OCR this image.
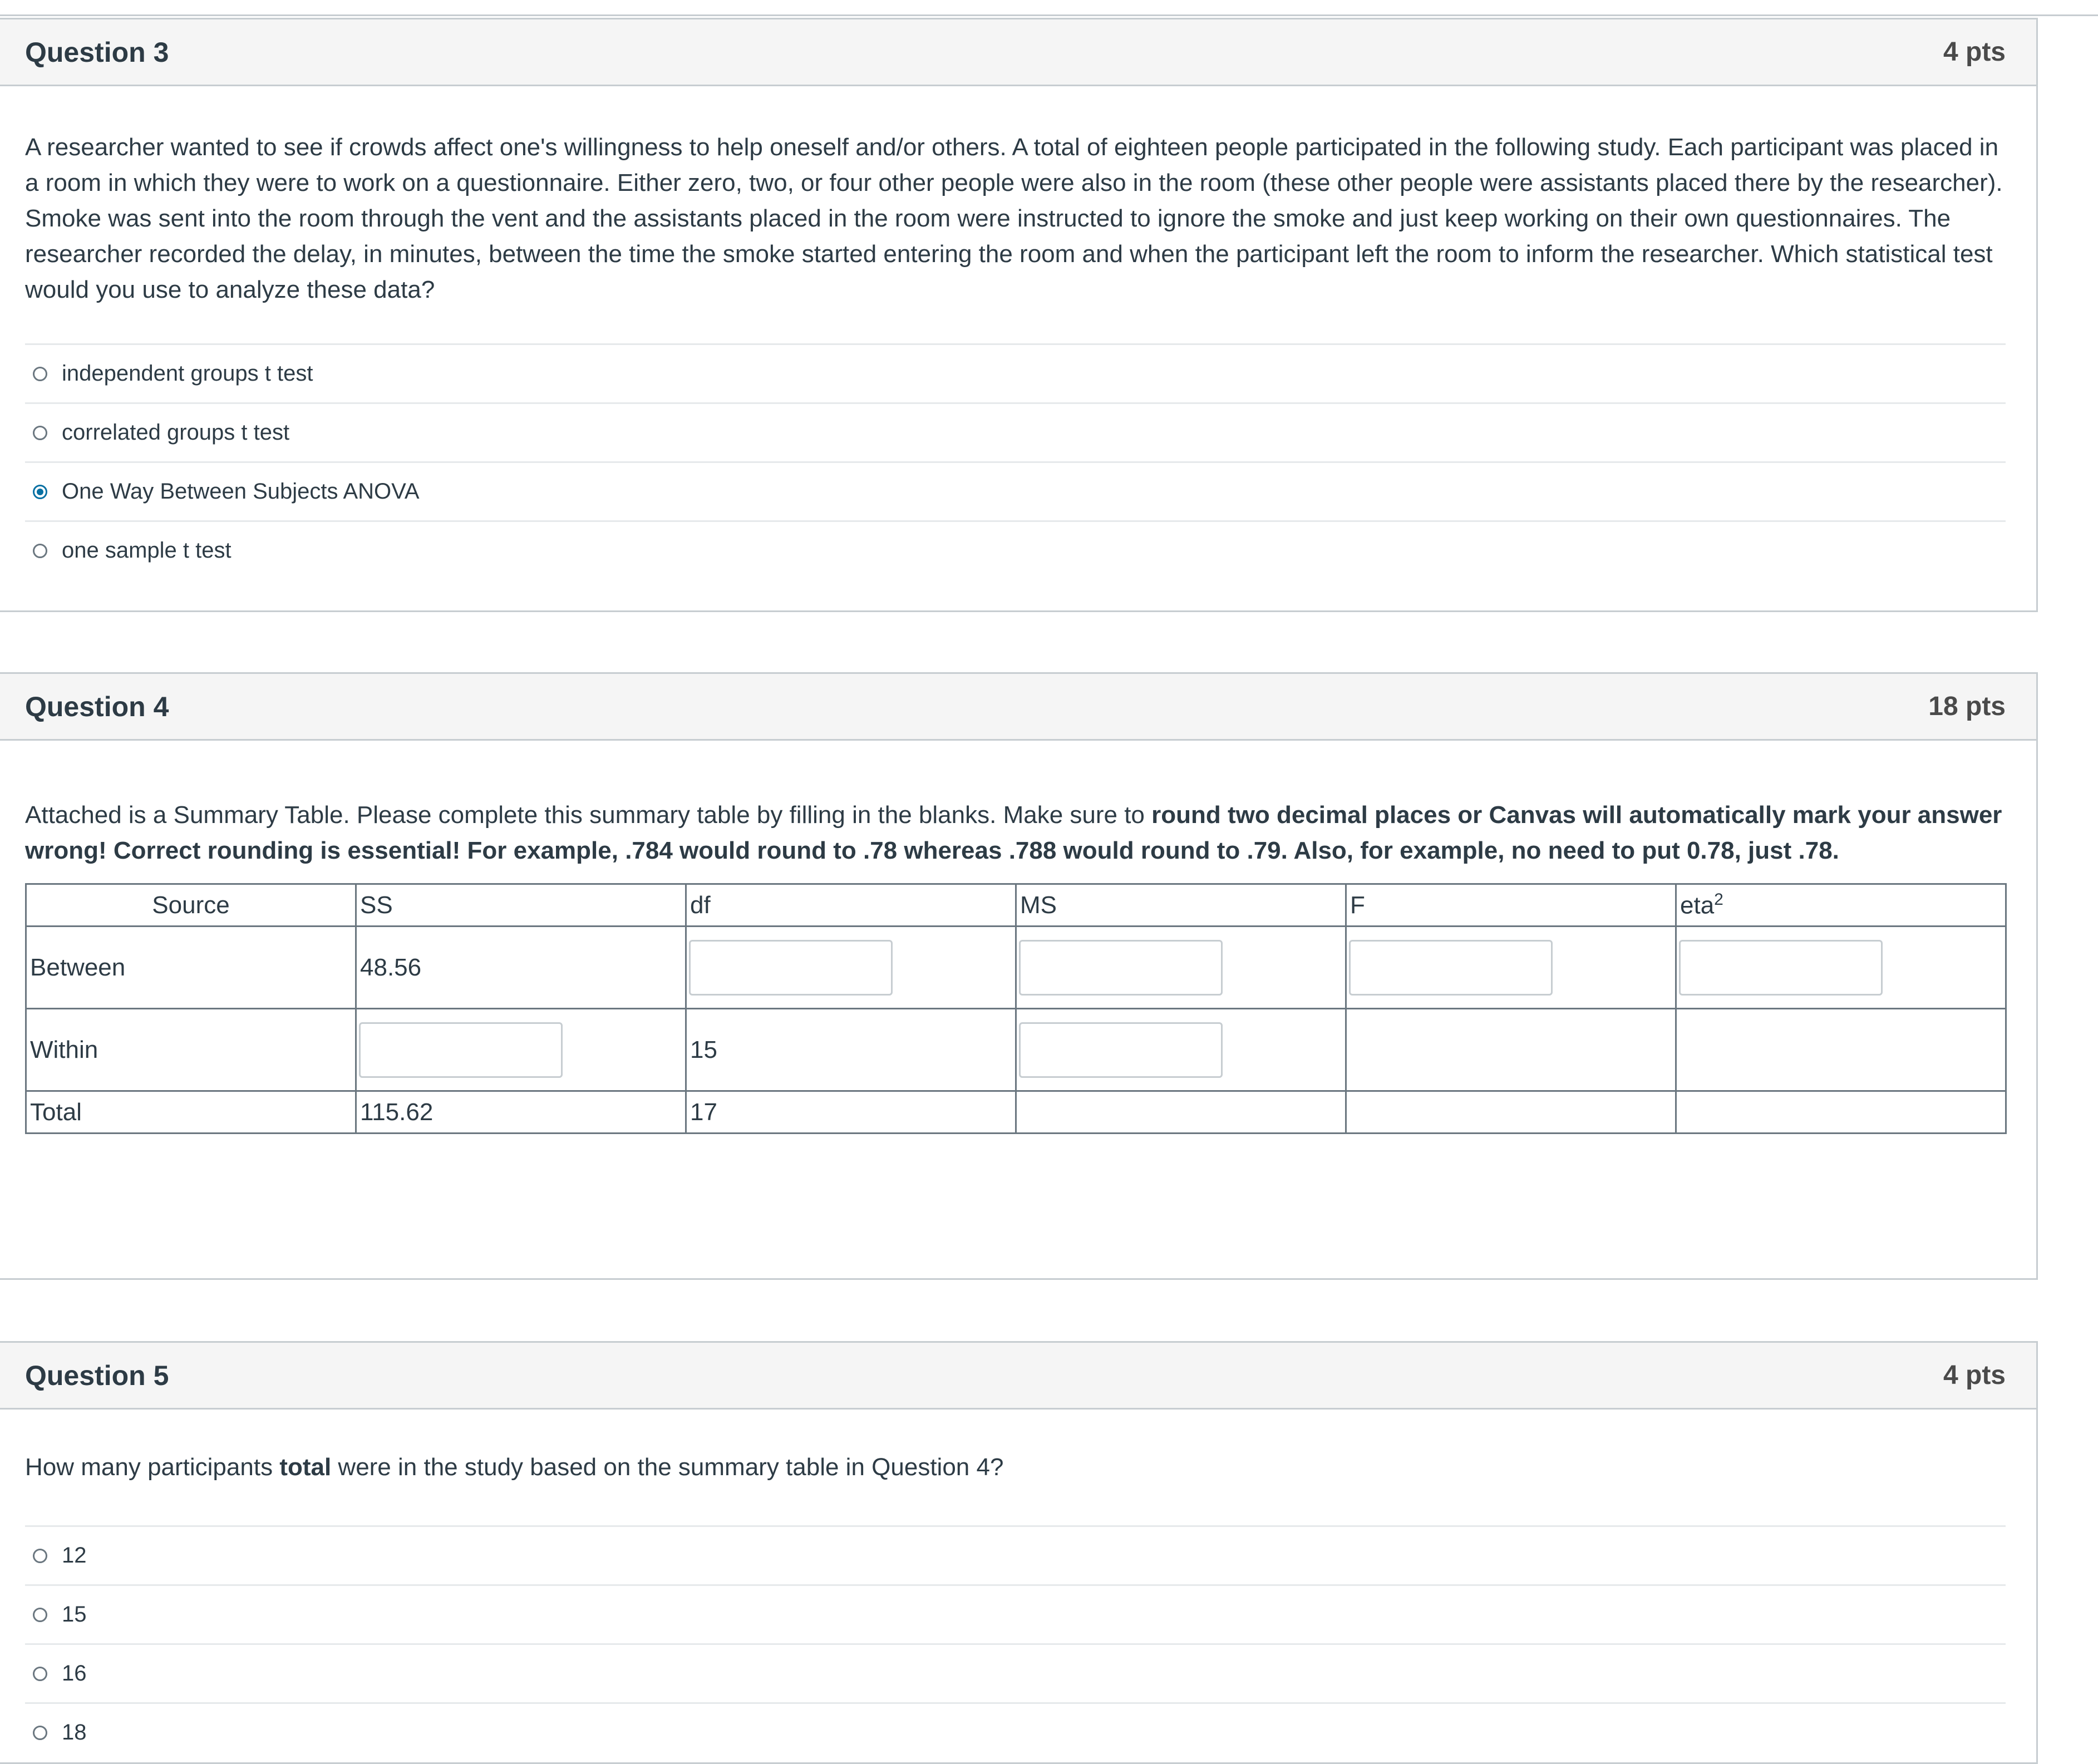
Question 3	4 pts
A researcher wanted to see if crowds affect one's willingness to help oneself and/or others. A total of eighteen people participated in the following study. Each participant was placed in a room in which they were to work on a questionnaire. Either zero, two, or four other people were also in the room (these other people were assistants placed there by the researcher). Smoke was sent into the room through the vent and the assistants placed in the room were instructed to ignore the smoke and just keep working on their own questionnaires. The researcher recorded the delay, in minutes, between the time the smoke started entering the room and when the participant left the room to inform the researcher. Which statistical test would you use to analyze these data?
independent groups t test
correlated groups t test
One Way Between Subjects ANOVA
one sample t test
Question 4	18 pts
Attached is a Summary Table. Please complete this summary table by filling in the blanks. Make sure to round two decimal places or Canvas will automatically mark your answer wrong! Correct rounding is essential! For example, .784 would round to .78 whereas .788 would round to .79. Also, for example, no need to put 0.78, just .78.
Source	SS	df	MS	F	eta$^2$
Between	48.56				
Within		15			
Total	115.62	17			
Question 5	4 pts
How many participants total were in the study based on the summary table in Question 4?
12
15
16
18
